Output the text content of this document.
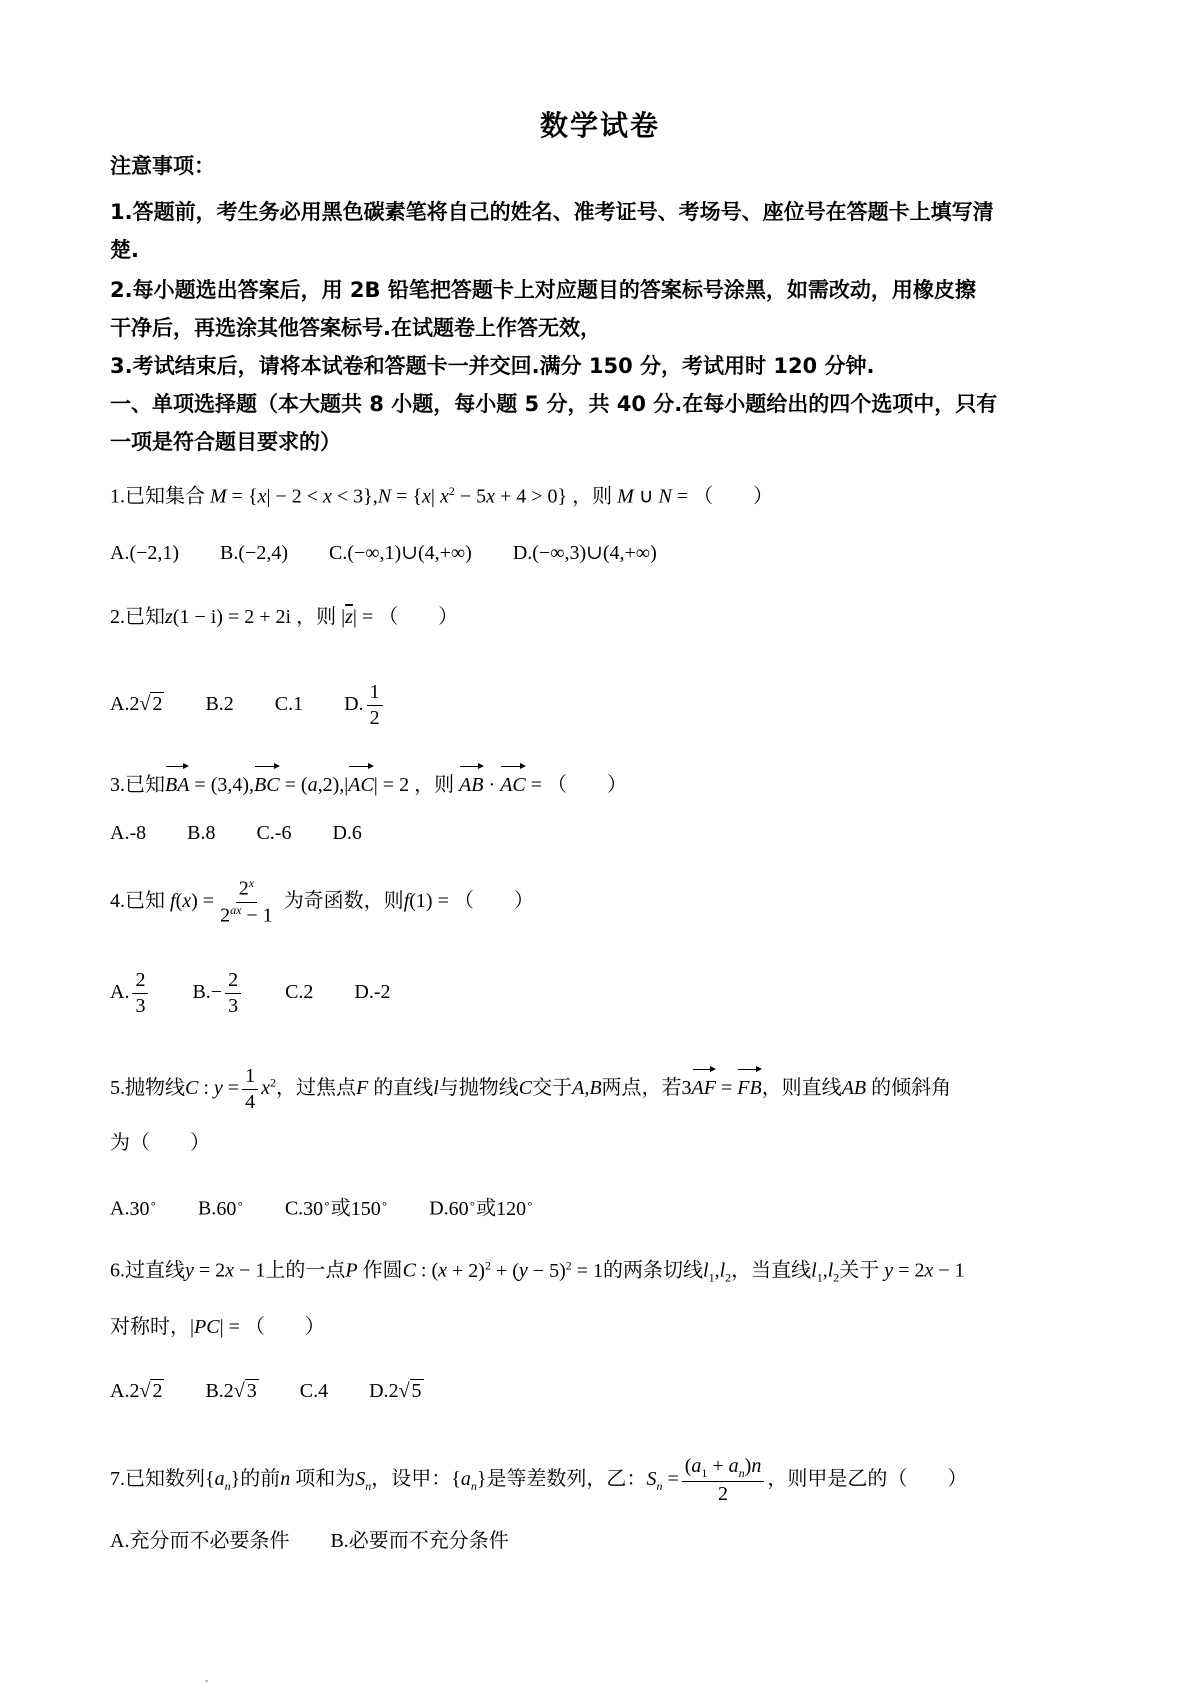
数学试卷
注意事项：
1.答题前，考生务必用黑色碳素笔将自己的姓名、准考证号、考场号、座位号在答题卡上填写清
楚.
2.每小题选出答案后，用 2B 铅笔把答题卡上对应题目的答案标号涂黑，如需改动，用橡皮擦
干净后，再选涂其他答案标号.在试题卷上作答无效，
3.考试结束后，请将本试卷和答题卡一并交回.满分 150 分，考试用时 120 分钟.
一、单项选择题（本大题共 8 小题，每小题 5 分，共 40 分.在每小题给出的四个选项中，只有
一项是符合题目要求的）
1.已知集合 M = {x| − 2 < x < 3},N = {x| $x^2 - 5x + 4 > 0$} ，则 M ∪ N = （　　）
A.(−2,1) B.(−2,4) C.(−∞,1)∪(4,+∞) D.(−∞,3)∪(4,+∞)
2.已知z(1 − i) = 2 + 2i ，则 $|\overline{z}|$ = （　　）
A.2√ 2 B.2 C.1 D. $\frac{1}{2}$
3.已知BA = (3,4),BC = (a,2),|AC| = 2 ，则 AB · AC = （　　）
A.-8 B.8 C.-6 D.6
4.已知 $f(x) = \frac{2^x}{2^{ax} - 1}$ 为奇函数，则f(1) = （　　）
A. $\frac{2}{3} B.- \frac{2}{3} C.2$ D.-2
5.抛物线C : $y = \frac{1}{4} x^2$，过焦点F 的直线l与抛物线C交于A,B两点，若3AF = FB，则直线AB 的倾斜角
为（　　）
A.30∘ B.60∘ C.30∘或150∘ D.60∘或120∘
6.过直线y = 2x − 1上的一点P 作圆C : $(x + 2)^2 + (y - 5)^2 = 1$的两条切线$l_1,l_2$，当直线$l_1,l_2$关于 y = 2x − 1
对称时，|PC| = （　　）
A.2√ 2 B.2√ 3 C.4 D.2√ 5
7.已知数列$\{a_n\}$的前n 项和为$S_n$，设甲：$\{a_n\}$是等差数列，乙：$S_n = \frac{(a_1 + a_n)n}{2}$ ，则甲是乙的（　　）
A.充分而不必要条件 B.必要而不充分条件
